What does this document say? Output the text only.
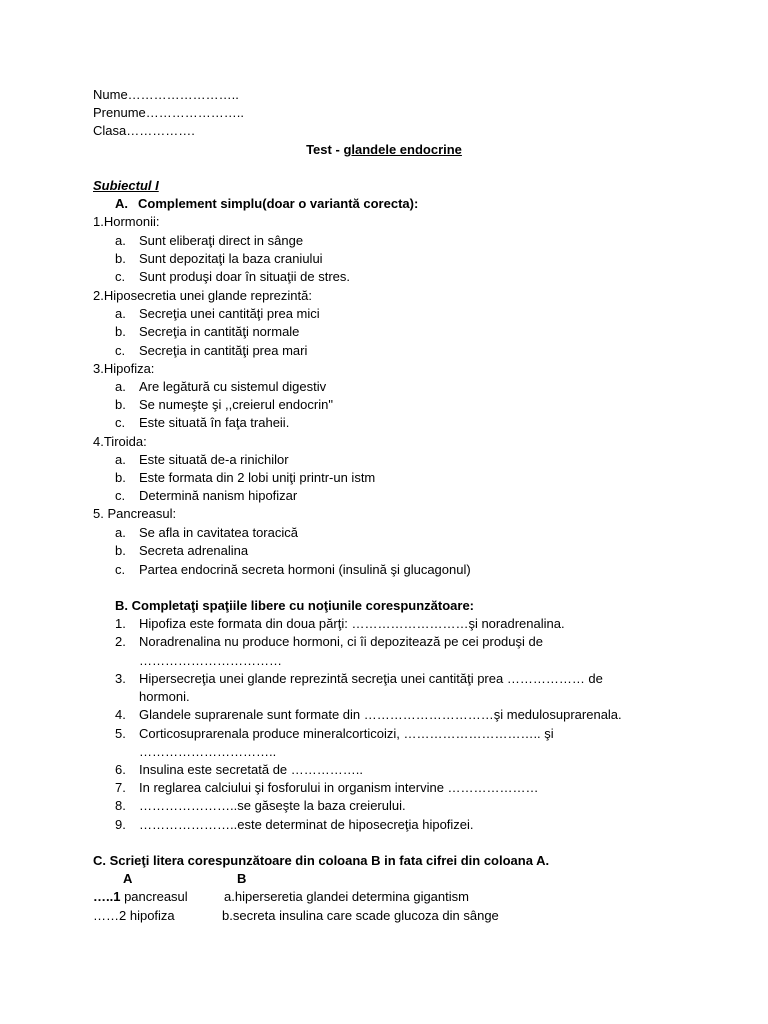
Nume……………………..
Prenume…………………..
Clasa…………….
Test - glandele endocrine
Subiectul I
A. Complement simplu(doar o variantă corecta):
1.Hormonii:
a. Sunt eliberaţi direct in sânge
b. Sunt depozitaţi la baza craniului
c. Sunt produşi doar în situaţii de stres.
2.Hiposecretia unei glande reprezintă:
a. Secreţia unei cantităţi prea mici
b. Secreţia in cantităţi normale
c. Secreţia in cantităţi prea mari
3.Hipofiza:
a. Are legătură cu sistemul digestiv
b. Se numeşte şi ,,creierul endocrin"
c. Este situată în faţa traheii.
4.Tiroida:
a. Este situată de-a rinichilor
b. Este formata din 2 lobi uniţi printr-un istm
c. Determină nanism hipofizar
5. Pancreasul:
a. Se afla in cavitatea toracică
b. Secreta adrenalina
c. Partea endocrină secreta hormoni (insulină şi glucagonul)
B. Completaţi spaţiile libere cu noţiunile corespunzătoare:
1. Hipofiza este formata din doua părţi: ………………………şi noradrenalina.
2. Noradrenalina nu produce hormoni, ci îi depozitează pe cei produşi de
……………………………
3. Hipersecreţia unei glande reprezintă secreţia unei cantităţi prea ……………… de
hormoni.
4. Glandele suprarenale sunt formate din …………………………şi medulosuprarenala.
5. Corticosuprarenala produce mineralcorticoizi, ………………………….. şi
…………………………..
6. Insulina este secretată de ……………..
7. In reglarea calciului şi fosforului in organism intervine …………………
8. …………………..se găseşte la baza creierului.
9. …………………..este determinat de hiposecreţia hipofizei.
C. Scrieţi litera corespunzătoare din coloana B in fata cifrei din coloana A.
A	B
…..1 pancreasul	a.hiperseretia glandei determina gigantism
……2 hipofiza	b.secreta insulina care scade glucoza din sânge
